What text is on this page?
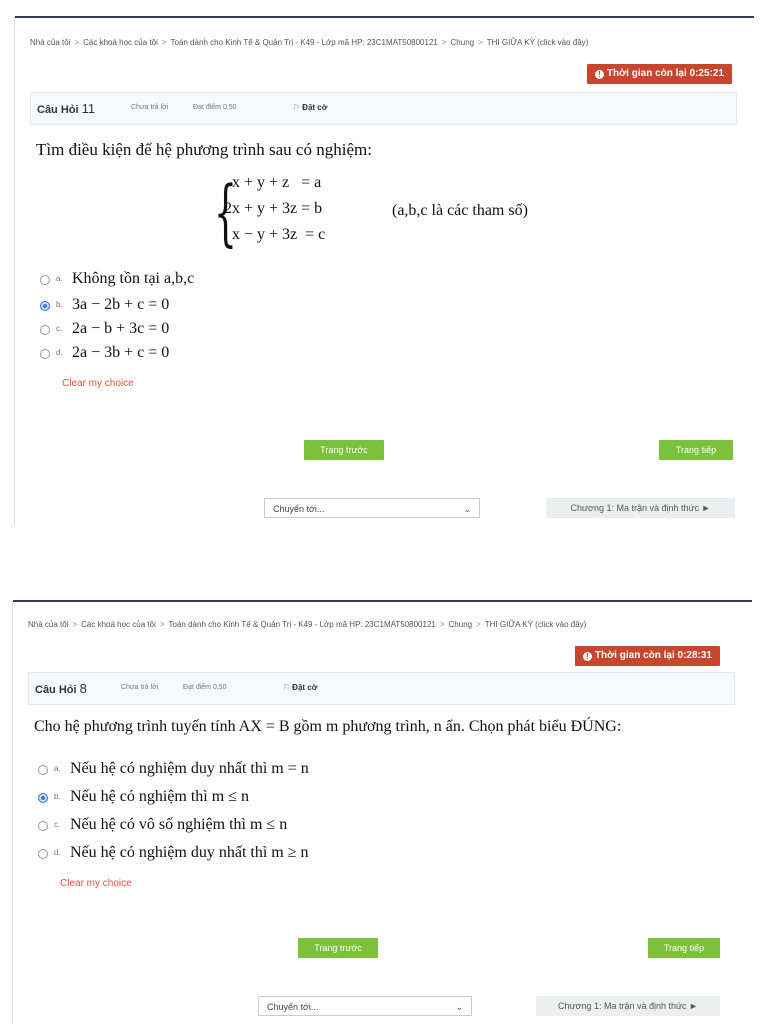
Nhà của tôi > Các khoá học của tôi > Toán dành cho Kinh Tế & Quản Trị - K49 - Lớp mã HP: 23C1MAT50800121 > Chung > THI GIỮA KỲ (click vào đây)
! Thời gian còn lại 0:25:21
Câu Hỏi 11	Chưa trả lời	Đạt điểm 0,50	⚐ Đặt cờ
Tìm điều kiện để hệ phương trình sau có nghiệm:
{
x + y + z   = a
2x + y + 3z = b
x − y + 3z  = c
(a,b,c là các tham số)
a. Không tồn tại a,b,c
b. 3a − 2b + c = 0
c. 2a − b + 3c = 0
d. 2a − 3b + c = 0
Clear my choice
Trang trước	Trang tiếp
Chuyển tới...	⌄	Chương 1: Ma trận và định thức ►
Nhà của tôi > Các khoá học của tôi > Toán dành cho Kinh Tế & Quản Trị - K49 - Lớp mã HP: 23C1MAT50800121 > Chung > THI GIỮA KỲ (click vào đây)
! Thời gian còn lại 0:28:31
Câu Hỏi 8	Chưa trả lời	Đạt điểm 0,50	⚐ Đặt cờ
Cho hệ phương trình tuyến tính AX = B gồm m phương trình, n ẩn. Chọn phát biểu ĐÚNG:
a. Nếu hệ có nghiệm duy nhất thì m = n
b. Nếu hệ có nghiệm thì m ≤ n
c. Nếu hệ có vô số nghiệm thì m ≤ n
d. Nếu hệ có nghiệm duy nhất thì m ≥ n
Clear my choice
Trang trước	Trang tiếp
Chuyển tới...	⌄	Chương 1: Ma trận và định thức ►
